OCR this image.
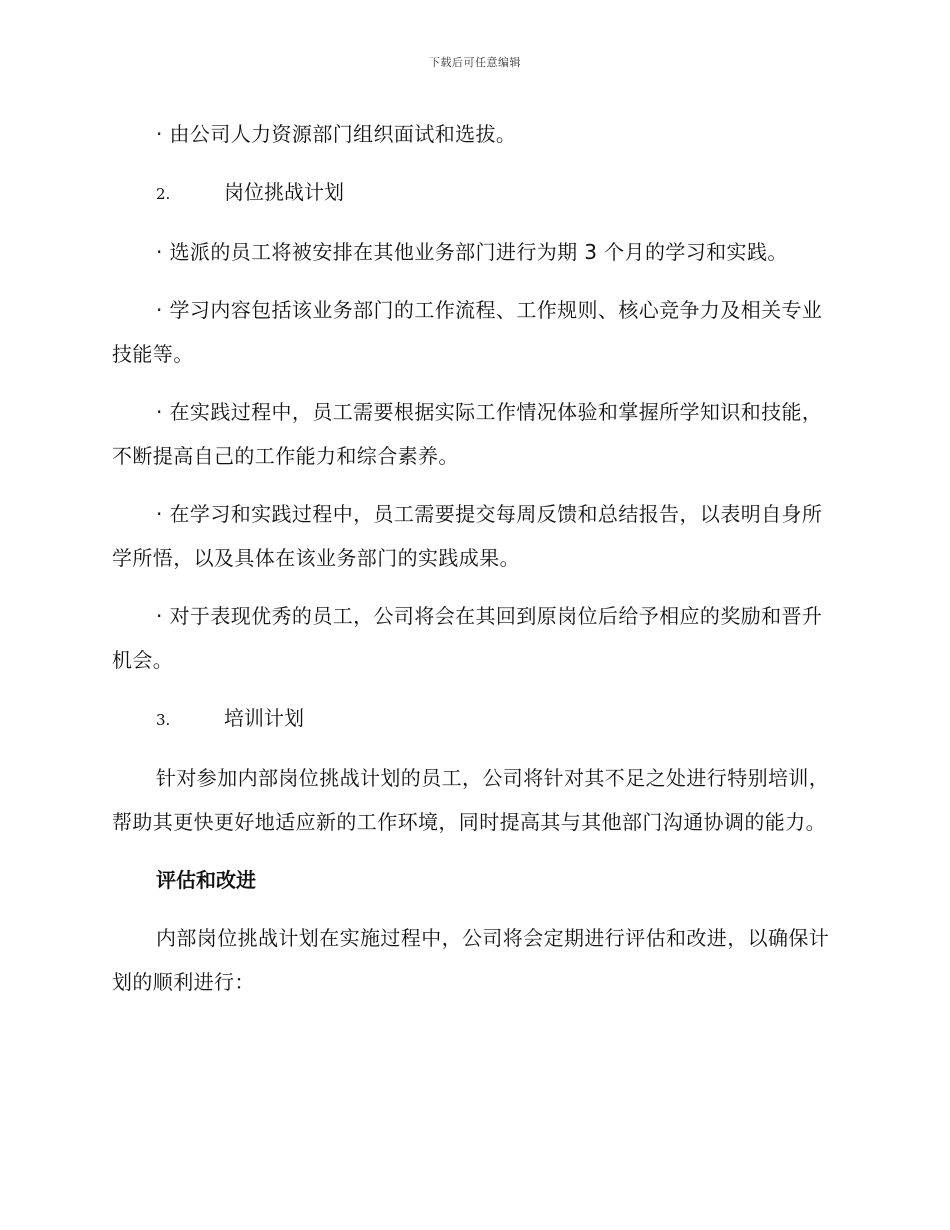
下载后可任意编辑

· 由公司人力资源部门组织面试和选拔。

2.	岗位挑战计划

· 选派的员工将被安排在其他业务部门进行为期 3 个月的学习和实践。

· 学习内容包括该业务部门的工作流程、工作规则、核心竞争力及相关专业技能等。

· 在实践过程中，员工需要根据实际工作情况体验和掌握所学知识和技能，不断提高自己的工作能力和综合素养。

· 在学习和实践过程中，员工需要提交每周反馈和总结报告，以表明自身所学所悟，以及具体在该业务部门的实践成果。

· 对于表现优秀的员工，公司将会在其回到原岗位后给予相应的奖励和晋升机会。

3.	培训计划

针对参加内部岗位挑战计划的员工，公司将针对其不足之处进行特别培训，帮助其更快更好地适应新的工作环境，同时提高其与其他部门沟通协调的能力。

评估和改进

内部岗位挑战计划在实施过程中，公司将会定期进行评估和改进，以确保计划的顺利进行：
